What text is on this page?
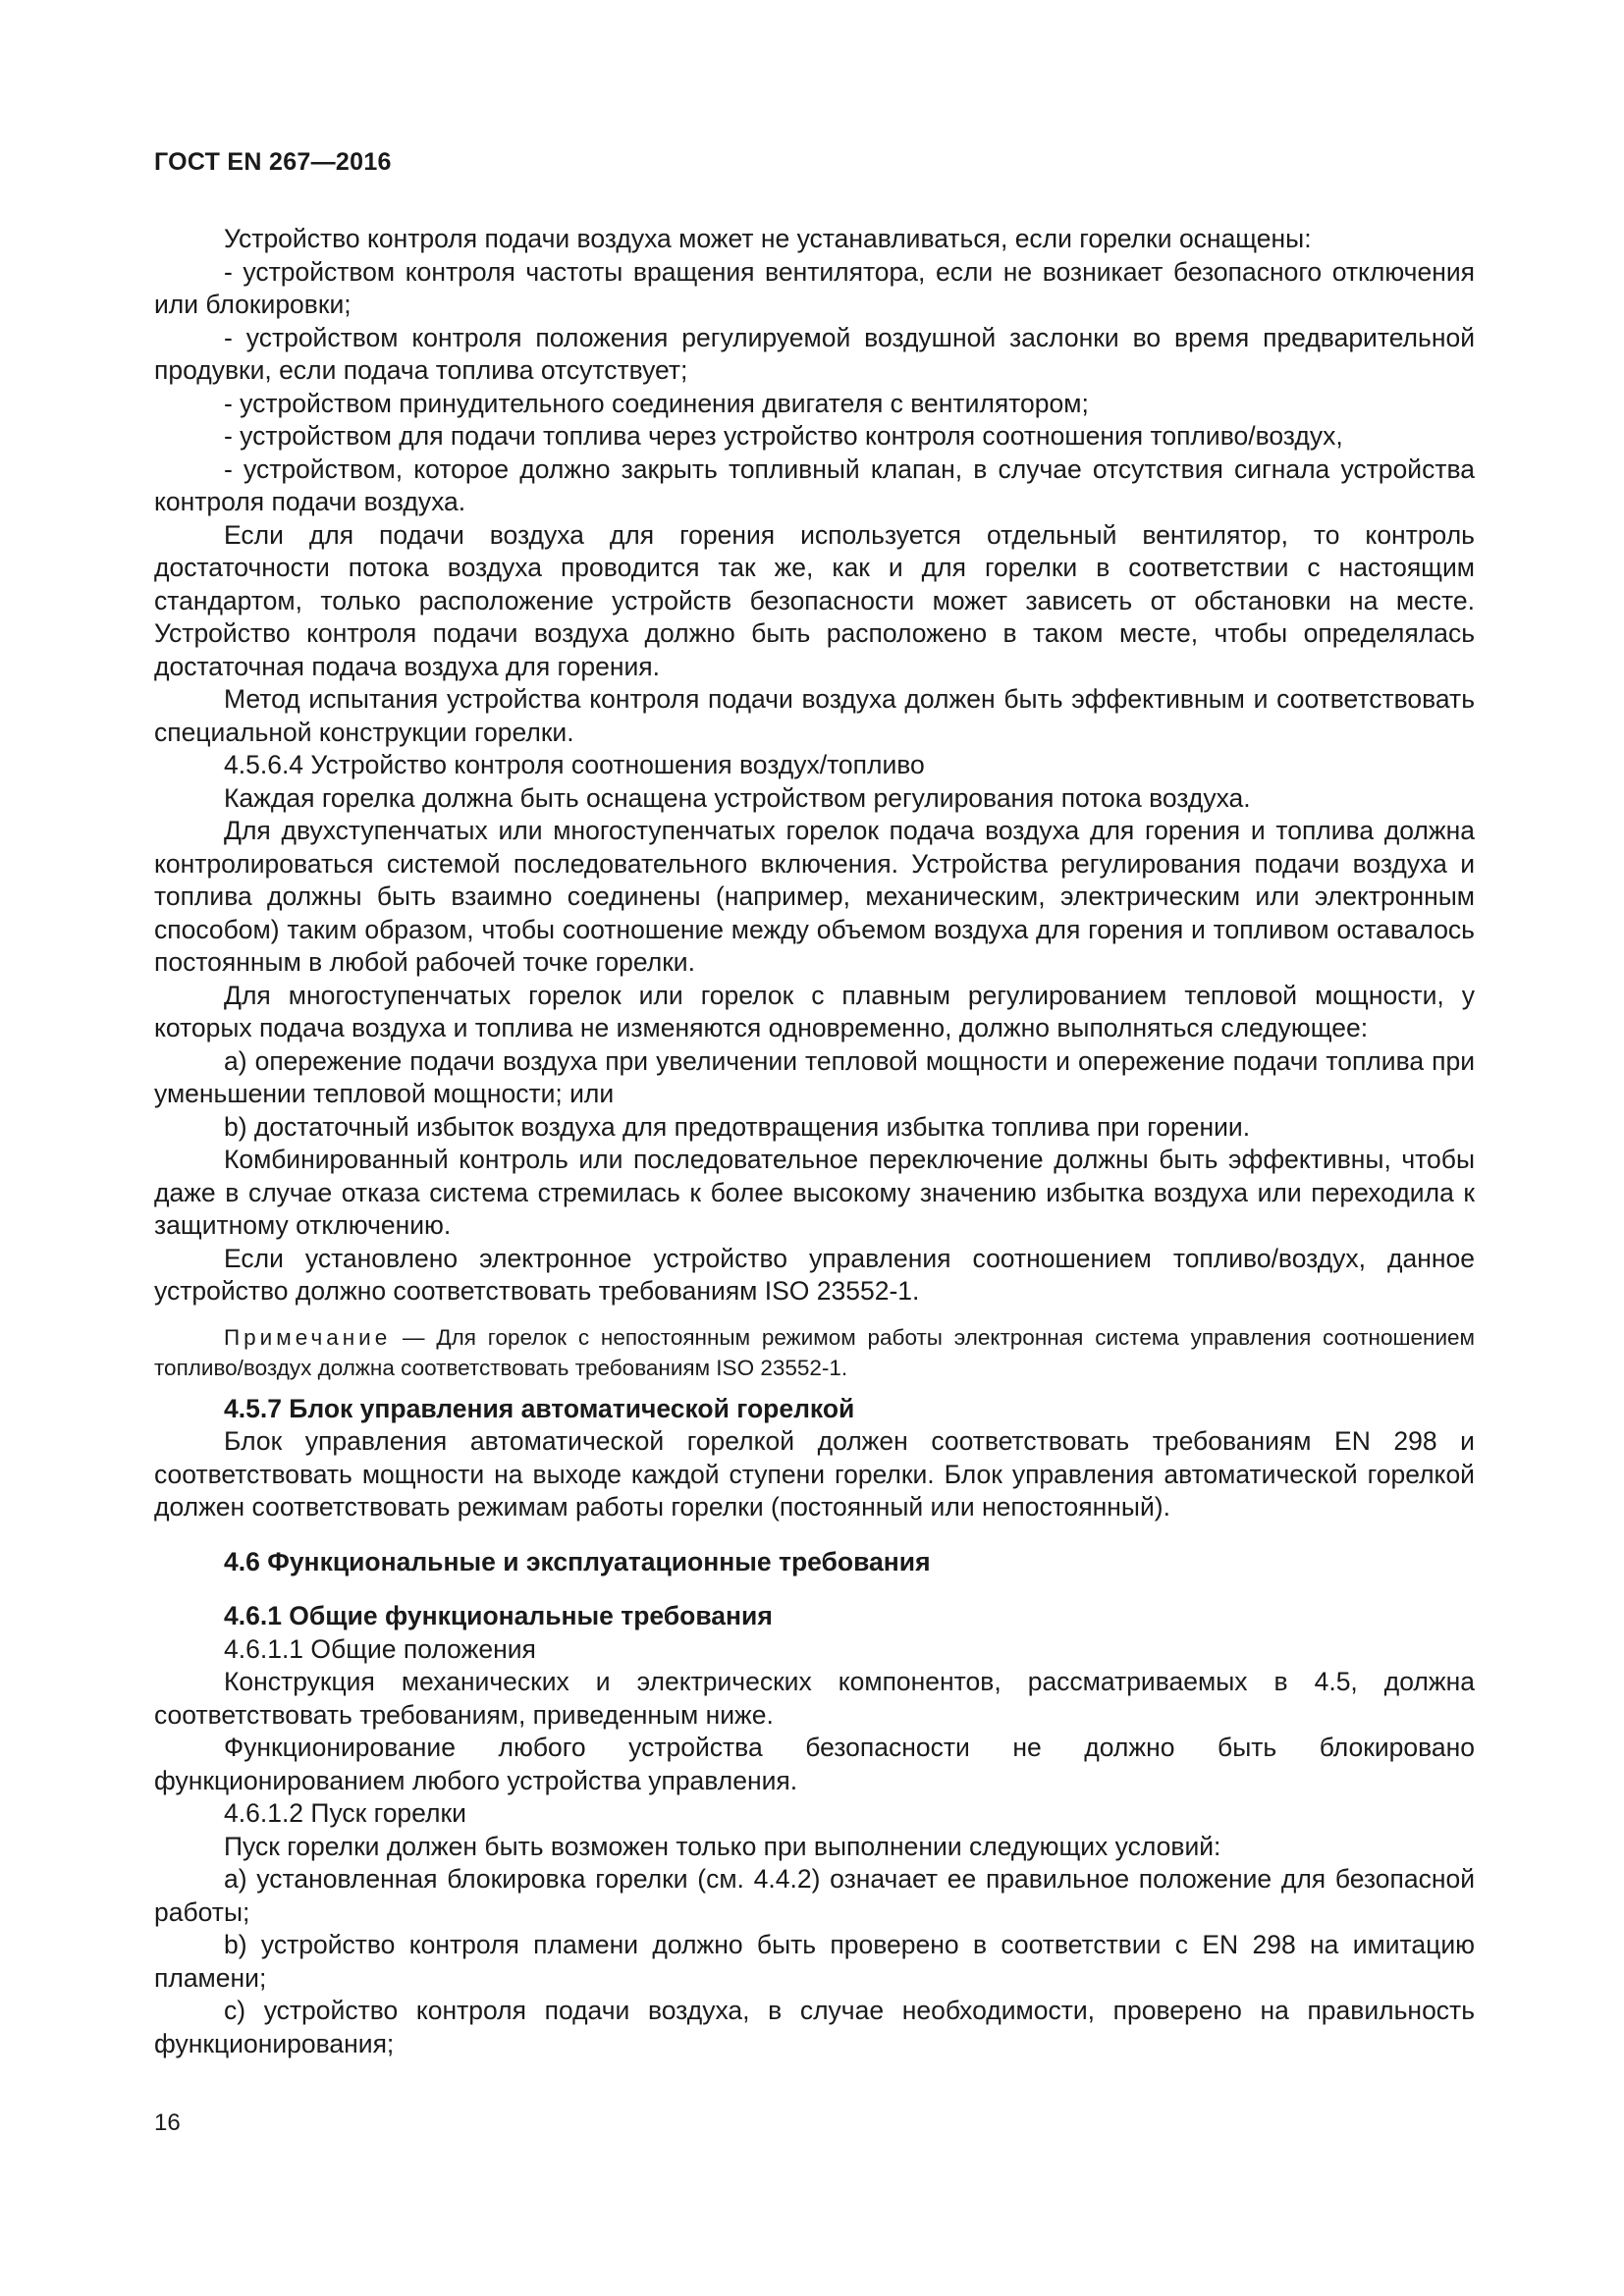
ГОСТ EN 267—2016

Устройство контроля подачи воздуха может не устанавливаться, если горелки оснащены:

- устройством контроля частоты вращения вентилятора, если не возникает безопасного отключения или блокировки;

- устройством контроля положения регулируемой воздушной заслонки во время предварительной продувки, если подача топлива отсутствует;

- устройством принудительного соединения двигателя с вентилятором;

- устройством для подачи топлива через устройство контроля соотношения топливо/воздух,

- устройством, которое должно закрыть топливный клапан, в случае отсутствия сигнала устройства контроля подачи воздуха.

Если для подачи воздуха для горения используется отдельный вентилятор, то контроль достаточности потока воздуха проводится так же, как и для горелки в соответствии с настоящим стандартом, только расположение устройств безопасности может зависеть от обстановки на месте. Устройство контроля подачи воздуха должно быть расположено в таком месте, чтобы определялась достаточная подача воздуха для горения.

Метод испытания устройства контроля подачи воздуха должен быть эффективным и соответствовать специальной конструкции горелки.

4.5.6.4 Устройство контроля соотношения воздух/топливо

Каждая горелка должна быть оснащена устройством регулирования потока воздуха.

Для двухступенчатых или многоступенчатых горелок подача воздуха для горения и топлива должна контролироваться системой последовательного включения. Устройства регулирования подачи воздуха и топлива должны быть взаимно соединены (например, механическим, электрическим или электронным способом) таким образом, чтобы соотношение между объемом воздуха для горения и топливом оставалось постоянным в любой рабочей точке горелки.

Для многоступенчатых горелок или горелок с плавным регулированием тепловой мощности, у которых подача воздуха и топлива не изменяются одновременно, должно выполняться следующее:

а) опережение подачи воздуха при увеличении тепловой мощности и опережение подачи топлива при уменьшении тепловой мощности; или

b) достаточный избыток воздуха для предотвращения избытка топлива при горении.

Комбинированный контроль или последовательное переключение должны быть эффективны, чтобы даже в случае отказа система стремилась к более высокому значению избытка воздуха или переходила к защитному отключению.

Если установлено электронное устройство управления соотношением топливо/воздух, данное устройство должно соответствовать требованиям ISO 23552-1.

Примечание — Для горелок с непостоянным режимом работы электронная система управления соотношением топливо/воздух должна соответствовать требованиям ISO 23552-1.

4.5.7 Блок управления автоматической горелкой

Блок управления автоматической горелкой должен соответствовать требованиям EN 298 и соответствовать мощности на выходе каждой ступени горелки. Блок управления автоматической горелкой должен соответствовать режимам работы горелки (постоянный или непостоянный).

4.6 Функциональные и эксплуатационные требования
4.6.1 Общие функциональные требования

4.6.1.1 Общие положения

Конструкция механических и электрических компонентов, рассматриваемых в 4.5, должна соответствовать требованиям, приведенным ниже.

Функционирование любого устройства безопасности не должно быть блокировано функционированием любого устройства управления.

4.6.1.2 Пуск горелки

Пуск горелки должен быть возможен только при выполнении следующих условий:

а) установленная блокировка горелки (см. 4.4.2) означает ее правильное положение для безопасной работы;

b) устройство контроля пламени должно быть проверено в соответствии с EN 298 на имитацию пламени;

с) устройство контроля подачи воздуха, в случае необходимости, проверено на правильность функционирования;

16
